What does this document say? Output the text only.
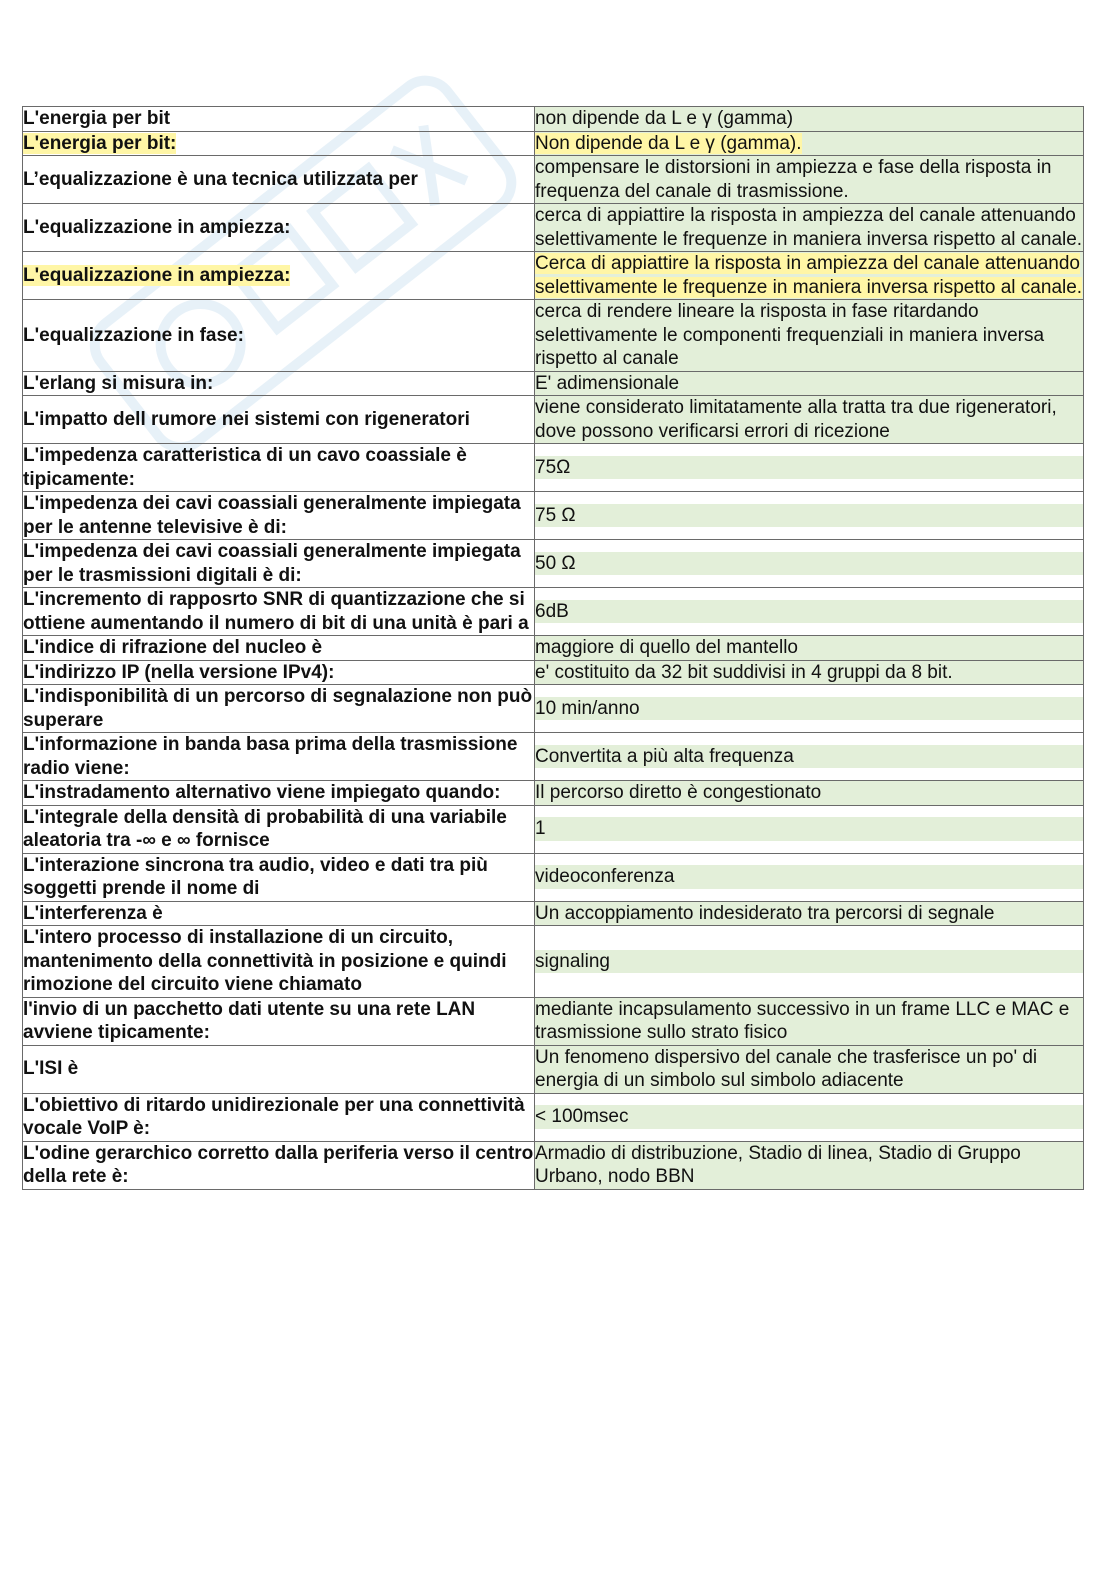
L'energia per bit	non dipende da L e γ (gamma)

L'energia per bit:	Non dipende da L e γ (gamma).

L’equalizzazione è una tecnica utilizzata per	compensare le distorsioni in ampiezza e fase della risposta in frequenza del canale di trasmissione.

L'equalizzazione in ampiezza:	cerca di appiattire la risposta in ampiezza del canale attenuando selettivamente le frequenze in maniera inversa rispetto al canale.

L'equalizzazione in ampiezza:	Cerca di appiattire la risposta in ampiezza del canale attenuando selettivamente le frequenze in maniera inversa rispetto al canale.

L'equalizzazione in fase:	cerca di rendere lineare la risposta in fase ritardando selettivamente le componenti frequenziali in maniera inversa rispetto al canale

L'erlang si misura in:	E' adimensionale

L'impatto dell rumore nei sistemi con rigeneratori	viene considerato limitatamente alla tratta tra due rigeneratori, dove possono verificarsi errori di ricezione

L'impedenza caratteristica di un cavo coassiale è tipicamente:	75Ω

L'impedenza dei cavi coassiali generalmente impiegata per le antenne televisive è di:	75 Ω

L'impedenza dei cavi coassiali generalmente impiegata per le trasmissioni digitali è di:	50 Ω

L'incremento di rapposrto SNR di quantizzazione che si ottiene aumentando il numero di bit di una unità è pari a	6dB

L'indice di rifrazione del nucleo è	maggiore di quello del mantello

L'indirizzo IP (nella versione IPv4):	e' costituito da 32 bit suddivisi in 4 gruppi da 8 bit.

L'indisponibilità di un percorso di segnalazione non può superare	10 min/anno

L'informazione in banda basa prima della trasmissione radio viene:	Convertita a più alta frequenza

L'instradamento alternativo viene impiegato quando:	Il percorso diretto è congestionato

L'integrale della densità di probabilità di una variabile aleatoria tra -∞ e ∞ fornisce	1

L'interazione sincrona tra audio, video e dati tra più soggetti prende il nome di	videoconferenza

L'interferenza è	Un accoppiamento indesiderato tra percorsi di segnale

L'intero processo di installazione di un circuito, mantenimento della connettività in posizione e quindi rimozione del circuito viene chiamato	signaling

l'invio di un pacchetto dati utente su una rete LAN avviene tipicamente:	mediante incapsulamento successivo in un frame LLC e MAC e trasmissione sullo strato fisico

L'ISI è	Un fenomeno dispersivo del canale che trasferisce un po' di energia di un simbolo sul simbolo adiacente

L'obiettivo di ritardo unidirezionale per una connettività vocale VoIP è:	< 100msec

L'odine gerarchico corretto dalla periferia verso il centro della rete è:	Armadio di distribuzione, Stadio di linea, Stadio di Gruppo Urbano, nodo BBN
